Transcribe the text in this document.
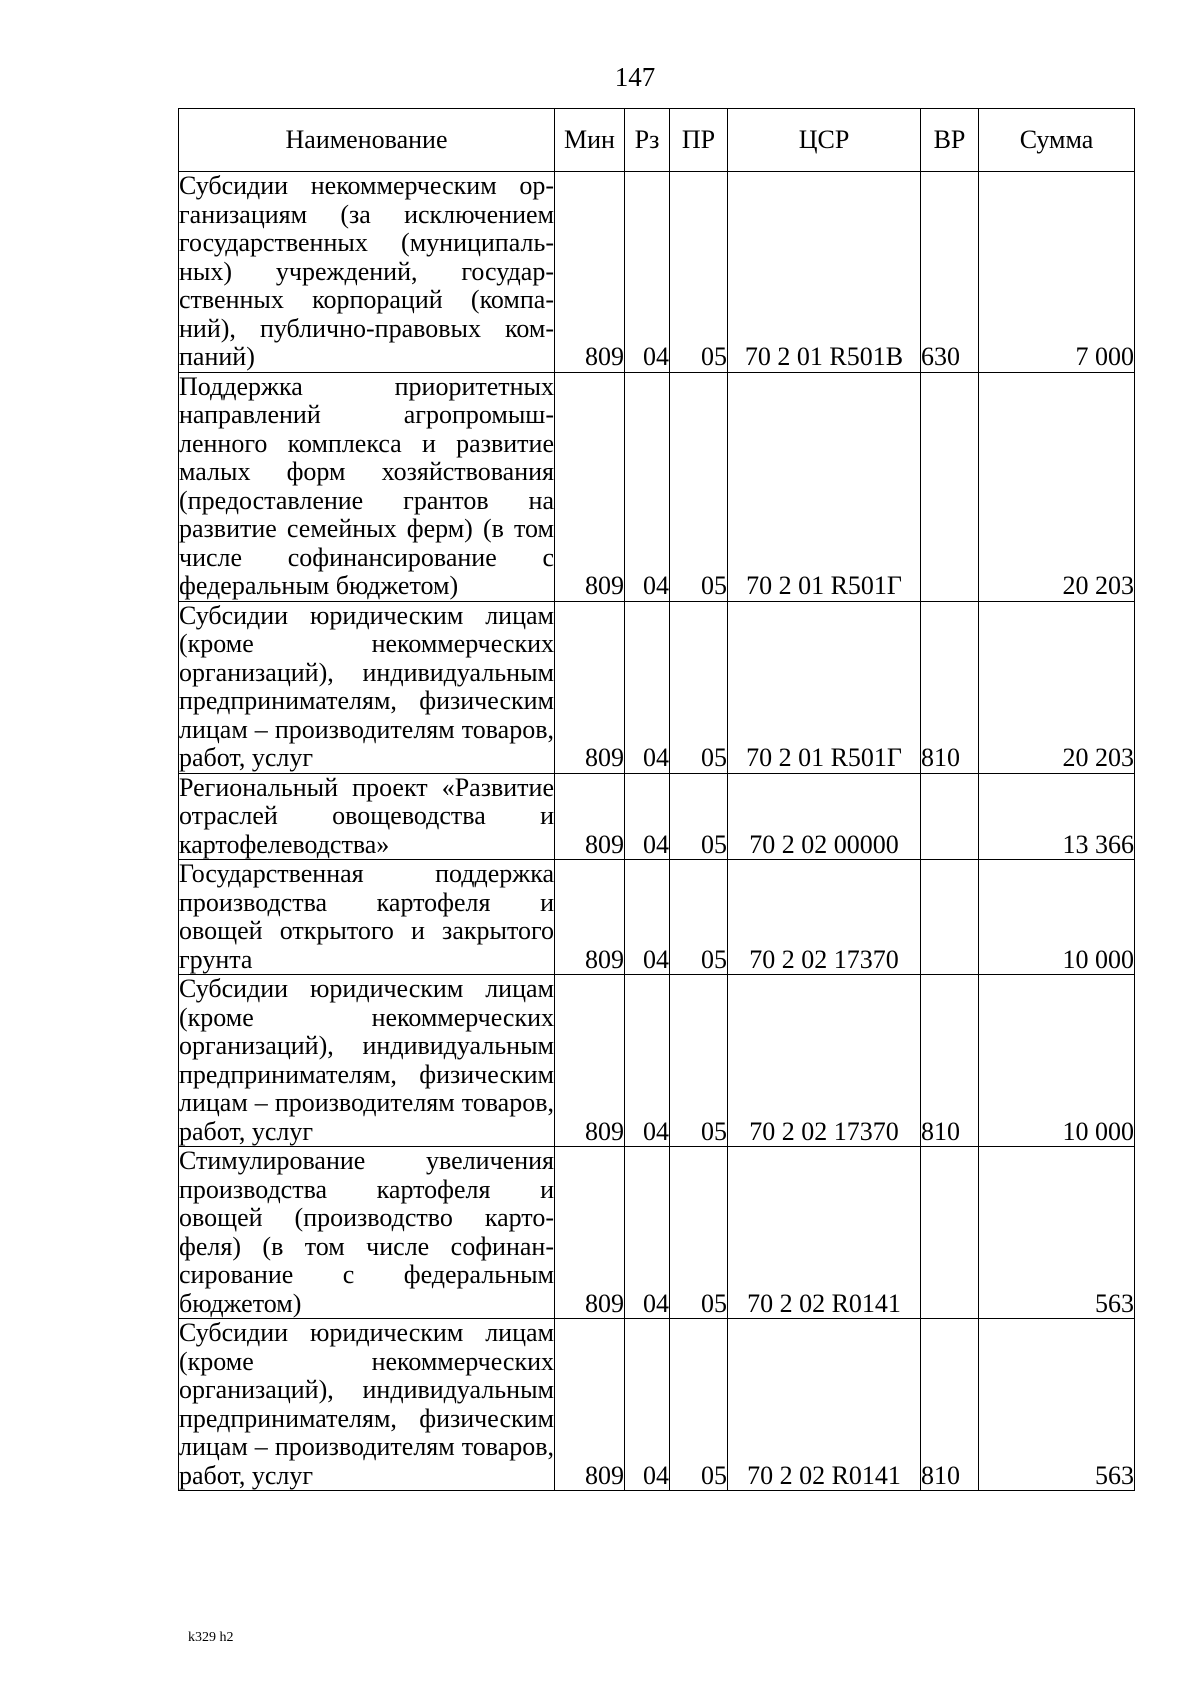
147
Наименование	Мин	Рз	ПР	ЦСР	ВР	Сумма
Субсидии некоммерческим организациям (за исключением государственных (муниципальных) учреждений, государственных корпораций (компаний), публично-правовых компаний)	809	04	05	70 2 01 R501В	630	7 000
Поддержка приоритетных направлений агропромышленного комплекса и развитие малых форм хозяйствования (предоставление грантов на развитие семейных ферм) (в том числе софинансирование с федеральным бюджетом)	809	04	05	70 2 01 R501Г		20 203
Субсидии юридическим лицам (кроме некоммерческих организаций), индивидуальным предпринимателям, физическим лицам – производителям товаров, работ, услуг	809	04	05	70 2 01 R501Г	810	20 203
Региональный проект «Развитие отраслей овощеводства и картофелеводства»	809	04	05	70 2 02 00000		13 366
Государственная поддержка производства картофеля и овощей открытого и закрытого грунта	809	04	05	70 2 02 17370		10 000
Субсидии юридическим лицам (кроме некоммерческих организаций), индивидуальным предпринимателям, физическим лицам – производителям товаров, работ, услуг	809	04	05	70 2 02 17370	810	10 000
Стимулирование увеличения производства картофеля и овощей (производство картофеля) (в том числе софинансирование с федеральным бюджетом)	809	04	05	70 2 02 R0141		563
Субсидии юридическим лицам (кроме некоммерческих организаций), индивидуальным предпринимателям, физическим лицам – производителям товаров, работ, услуг	809	04	05	70 2 02 R0141	810	563
k329 h2
